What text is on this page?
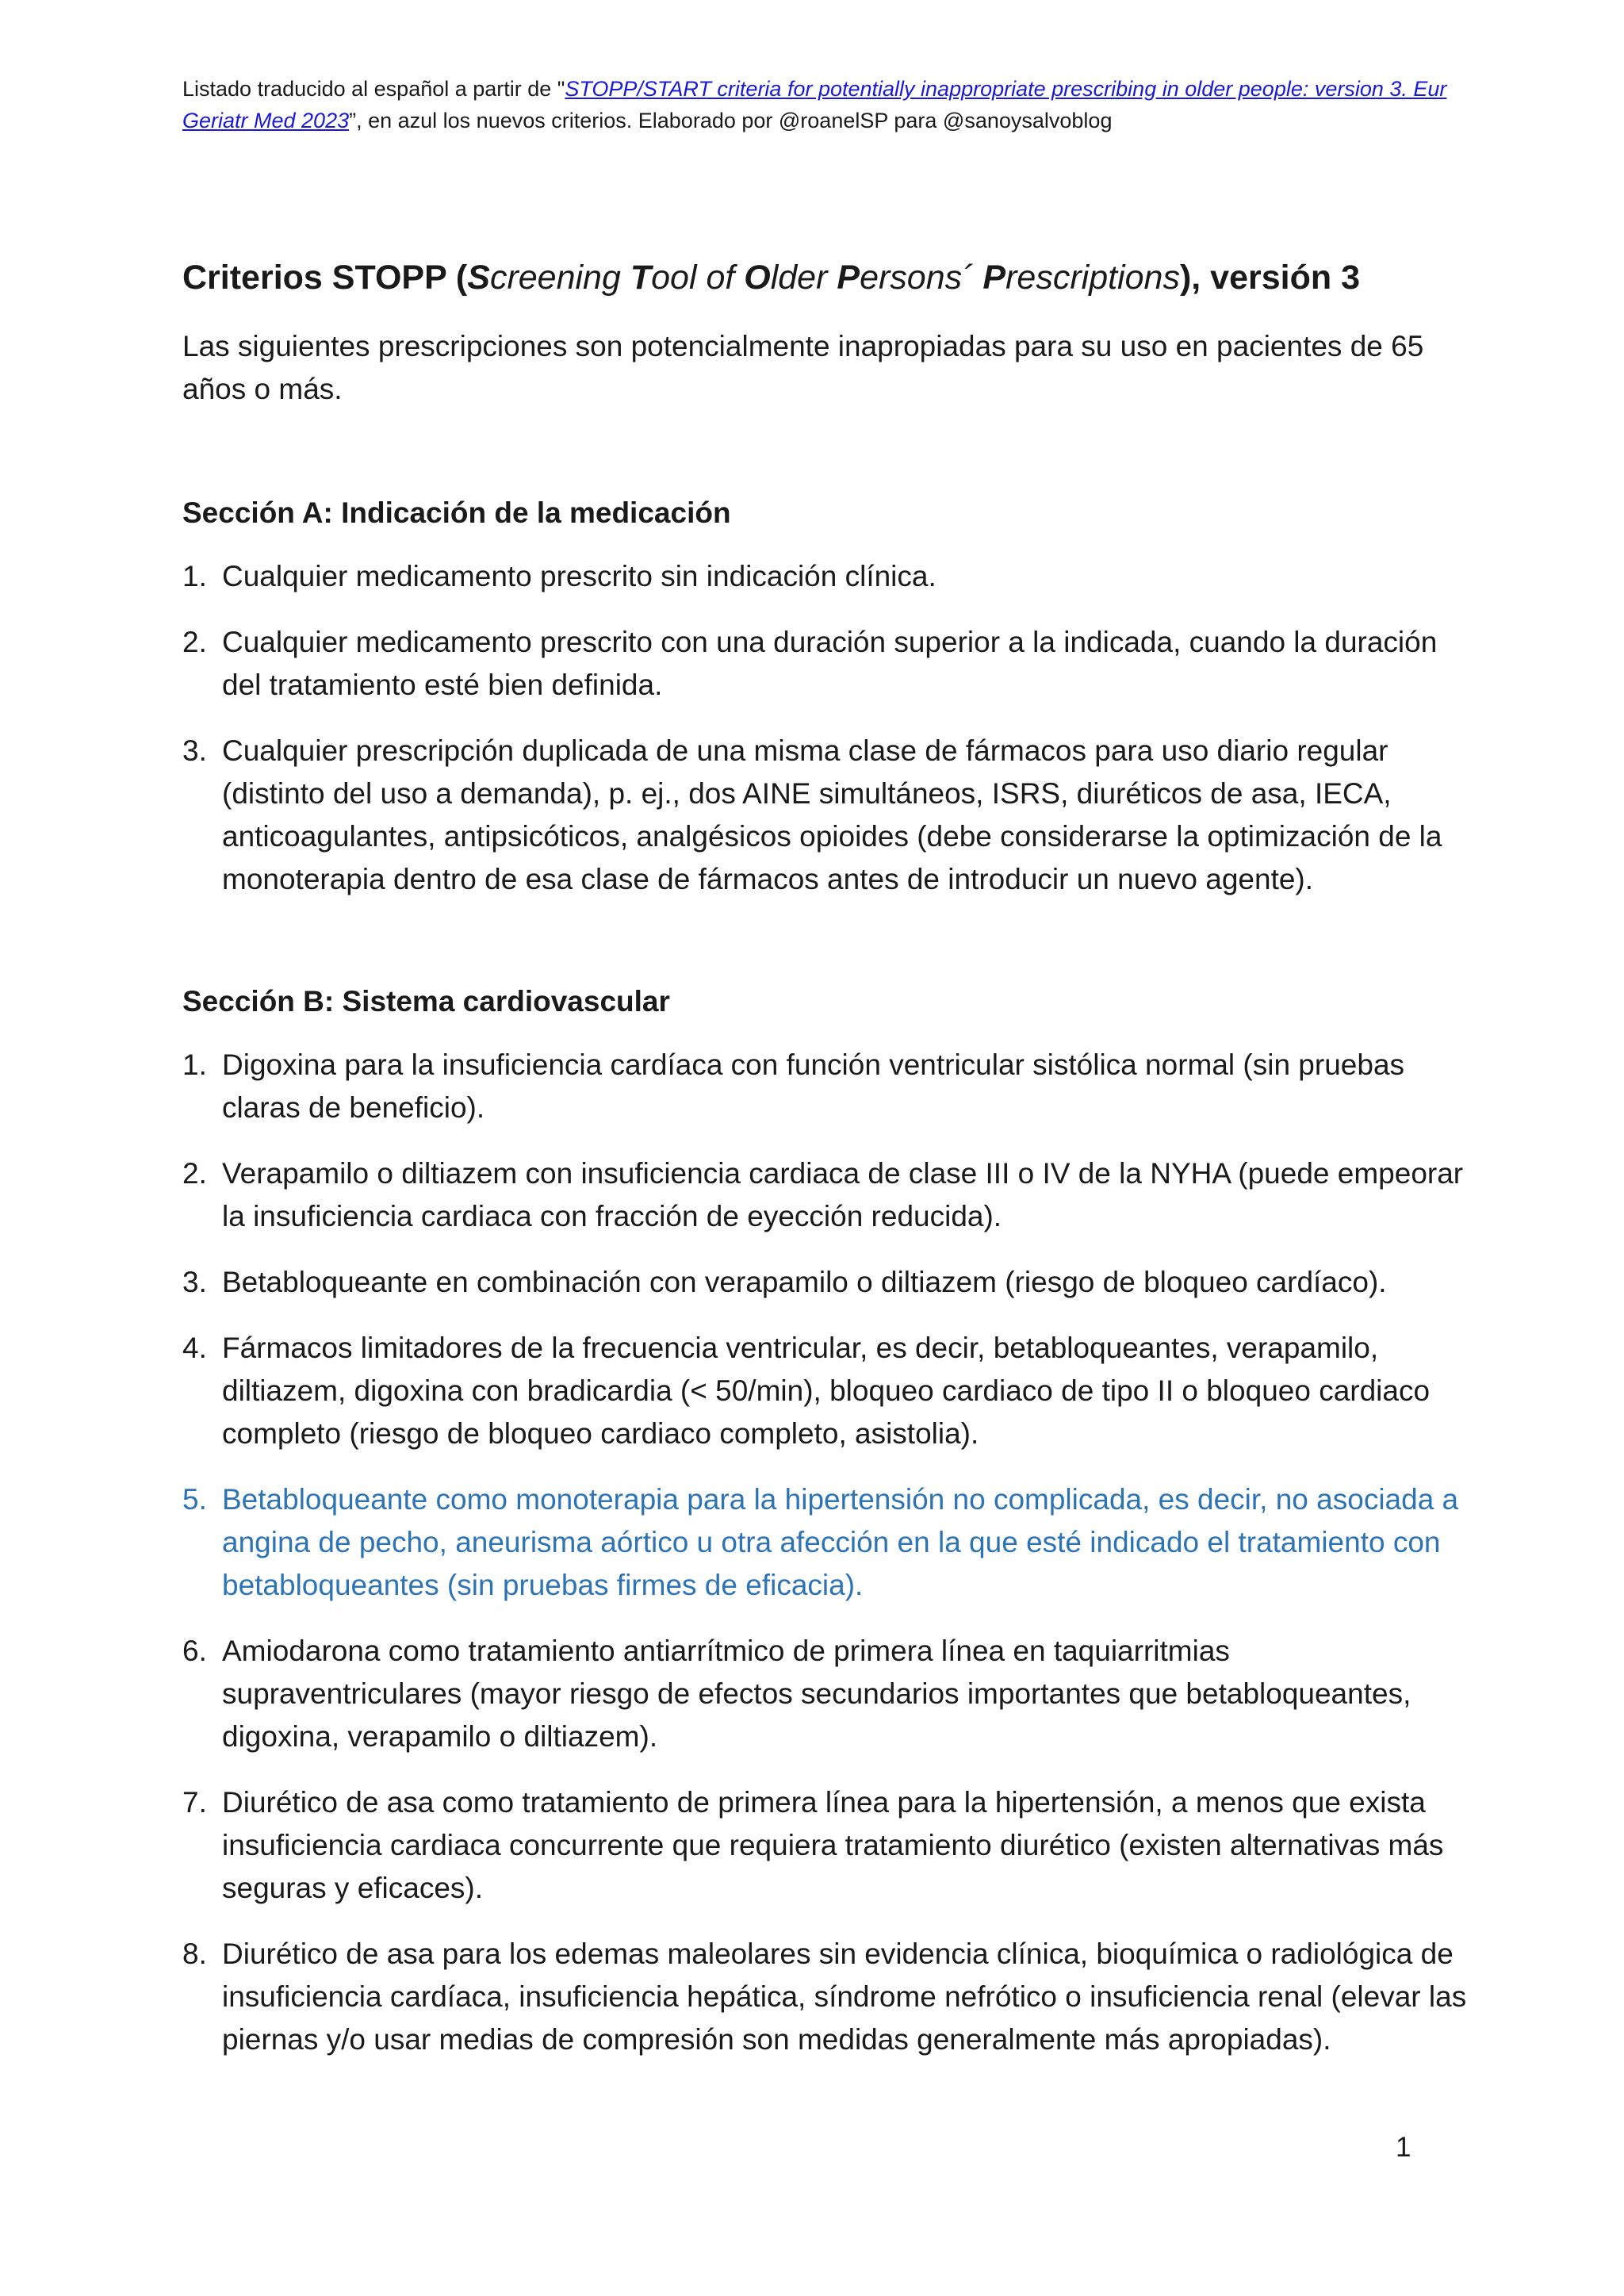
Listado traducido al español a partir de "STOPP/START criteria for potentially inappropriate prescribing in older people: version 3. Eur Geriatr Med 2023”, en azul los nuevos criterios. Elaborado por @roanelSP para @sanoysalvoblog
Criterios STOPP (Screening Tool of Older Persons´ Prescriptions), versión 3
Las siguientes prescripciones son potencialmente inapropiadas para su uso en pacientes de 65 años o más.
Sección A: Indicación de la medicación
1. Cualquier medicamento prescrito sin indicación clínica.
2. Cualquier medicamento prescrito con una duración superior a la indicada, cuando la duración del tratamiento esté bien definida.
3. Cualquier prescripción duplicada de una misma clase de fármacos para uso diario regular (distinto del uso a demanda), p. ej., dos AINE simultáneos, ISRS, diuréticos de asa, IECA, anticoagulantes, antipsicóticos, analgésicos opioides (debe considerarse la optimización de la monoterapia dentro de esa clase de fármacos antes de introducir un nuevo agente).
Sección B: Sistema cardiovascular
1. Digoxina para la insuficiencia cardíaca con función ventricular sistólica normal (sin pruebas claras de beneficio).
2. Verapamilo o diltiazem con insuficiencia cardiaca de clase III o IV de la NYHA (puede empeorar la insuficiencia cardiaca con fracción de eyección reducida).
3. Betabloqueante en combinación con verapamilo o diltiazem (riesgo de bloqueo cardíaco).
4. Fármacos limitadores de la frecuencia ventricular, es decir, betabloqueantes, verapamilo, diltiazem, digoxina con bradicardia (< 50/min), bloqueo cardiaco de tipo II o bloqueo cardiaco completo (riesgo de bloqueo cardiaco completo, asistolia).
5. Betabloqueante como monoterapia para la hipertensión no complicada, es decir, no asociada a angina de pecho, aneurisma aórtico u otra afección en la que esté indicado el tratamiento con betabloqueantes (sin pruebas firmes de eficacia).
6. Amiodarona como tratamiento antiarrítmico de primera línea en taquiarritmias supraventriculares (mayor riesgo de efectos secundarios importantes que betabloqueantes, digoxina, verapamilo o diltiazem).
7. Diurético de asa como tratamiento de primera línea para la hipertensión, a menos que exista insuficiencia cardiaca concurrente que requiera tratamiento diurético (existen alternativas más seguras y eficaces).
8. Diurético de asa para los edemas maleolares sin evidencia clínica, bioquímica o radiológica de insuficiencia cardíaca, insuficiencia hepática, síndrome nefrótico o insuficiencia renal (elevar las piernas y/o usar medias de compresión son medidas generalmente más apropiadas).
1
